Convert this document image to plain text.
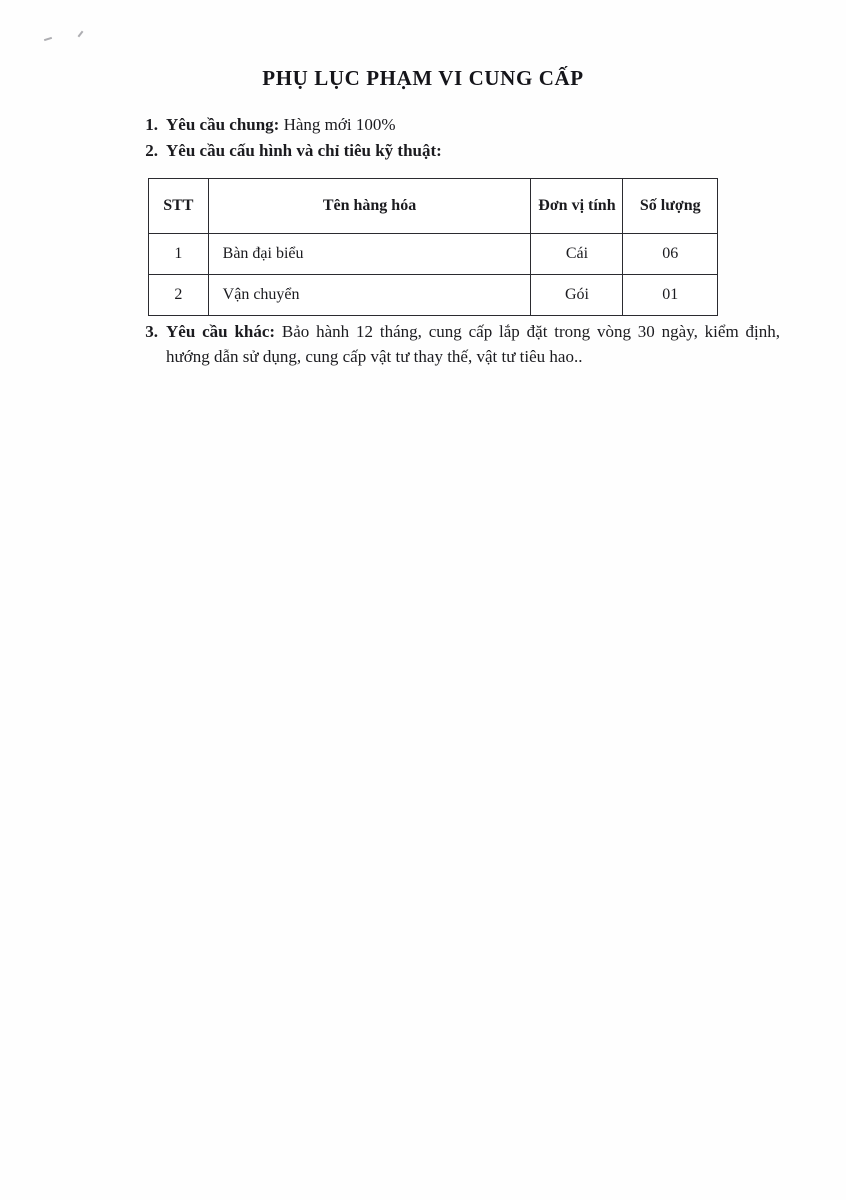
PHỤ LỤC PHẠM VI CUNG CẤP
1. Yêu cầu chung: Hàng mới 100%
2. Yêu cầu cấu hình và chỉ tiêu kỹ thuật:
STT	Tên hàng hóa	Đơn vị tính	Số lượng
1	Bàn đại biểu	Cái	06
2	Vận chuyển	Gói	01
3. Yêu cầu khác: Bảo hành 12 tháng, cung cấp lắp đặt trong vòng 30 ngày, kiểm định, hướng dẫn sử dụng, cung cấp vật tư thay thế, vật tư tiêu hao..
